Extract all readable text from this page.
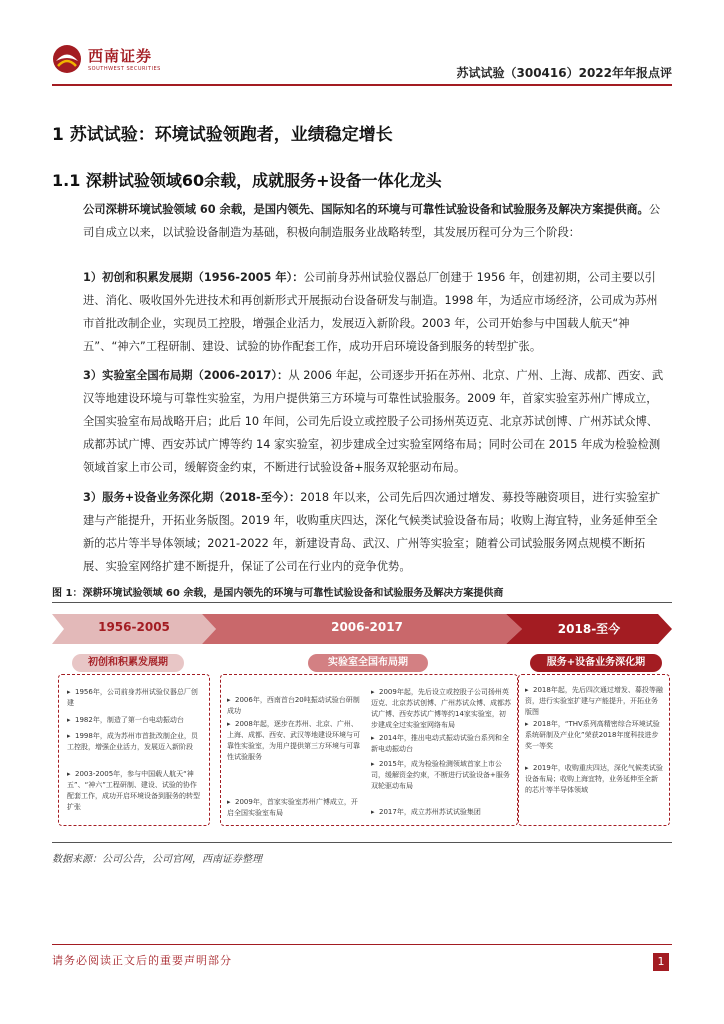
西南证券
SOUTHWEST SECURITIES	苏试试验（300416）2022年年报点评
1 苏试试验：环境试验领跑者，业绩稳定增长
1.1 深耕试验领域60余载，成就服务+设备一体化龙头
公司深耕环境试验领域 60 余载，是国内领先、国际知名的环境与可靠性试验设备和试验服务及解决方案提供商。公司自成立以来，以试验设备制造为基础，积极向制造服务业战略转型，其发展历程可分为三个阶段：
1）初创和积累发展期（1956-2005 年）：公司前身苏州试验仪器总厂创建于 1956 年，创建初期，公司主要以引进、消化、吸收国外先进技术和再创新形式开展振动台设备研发与制造。1998 年，为适应市场经济，公司成为苏州市首批改制企业，实现员工控股，增强企业活力，发展迈入新阶段。2003 年，公司开始参与中国载人航天“神五”、“神六”工程研制、建设、试验的协作配套工作，成功开启环境设备到服务的转型扩张。
3）实验室全国布局期（2006-2017）：从 2006 年起，公司逐步开拓在苏州、北京、广州、上海、成都、西安、武汉等地建设环境与可靠性实验室，为用户提供第三方环境与可靠性试验服务。2009 年，首家实验室苏州广博成立，全国实验室布局战略开启；此后 10 年间，公司先后设立或控股子公司扬州英迈克、北京苏试创博、广州苏试众博、成都苏试广博、西安苏试广博等约 14 家实验室，初步建成全过实验室网络布局；同时公司在 2015 年成为检验检测领域首家上市公司，缓解资金约束，不断进行试验设备+服务双轮驱动布局。
3）服务+设备业务深化期（2018-至今）：2018 年以来，公司先后四次通过增发、募投等融资项目，进行实验室扩建与产能提升，开拓业务版图。2019 年，收购重庆四达，深化气候类试验设备布局；收购上海宜特，业务延伸至全新的芯片等半导体领域；2021-2022 年，新建设青岛、武汉、广州等实验室；随着公司试验服务网点规模不断拓展、实验室网络扩建不断提升，保证了公司在行业内的竞争优势。
图 1：深耕环境试验领域 60 余载，是国内领先的环境与可靠性试验设备和试验服务及解决方案提供商
1956-2005	2006-2017	2018-至今
初创和积累发展期
▸ 1956年，公司前身苏州试验仪器总厂创建
▸ 1982年，制造了第一台电动振动台
▸ 1998年，成为苏州市首批改制企业，员工控股，增强企业活力，发展迈入新阶段
▸ 2003-2005年，参与中国载人航天“神五”、“神六”工程研制、建设、试验的协作配套工作，成功开启环境设备到服务的转型扩张
实验室全国布局期
▸ 2006年，西南首台20吨振动试验台研制成功
▸ 2008年起，逐步在苏州、北京、广州、上海、成都、西安、武汉等地建设环境与可靠性实验室，为用户提供第三方环境与可靠性试验服务
▸ 2009年，首家实验室苏州广博成立，开启全国实验室布局
▸ 2009年起，先后设立或控股子公司扬州英迈克、北京苏试创博、广州苏试众博、成都苏试广博、西安苏试广博等约14家实验室，初步建成全过实验室网络布局
▸ 2014年，推出电动式振动试验台系列和全新电动振动台
▸ 2015年，成为检验检测领域首家上市公司，缓解资金约束，不断进行试验设备+服务双轮驱动布局
▸ 2017年，成立苏州苏试试验集团
服务+设备业务深化期
▸ 2018年起，先后四次通过增发、募投等融资，进行实验室扩建与产能提升，开拓业务版图
▸ 2018年，“THV系列高精密综合环境试验系统研制及产业化”荣获2018年度科技进步奖一等奖
▸ 2019年，收购重庆四达，深化气候类试验设备布局；收购上海宜特，业务延伸至全新的芯片等半导体领域
数据来源：公司公告，公司官网，西南证券整理
请务必阅读正文后的重要声明部分	1
